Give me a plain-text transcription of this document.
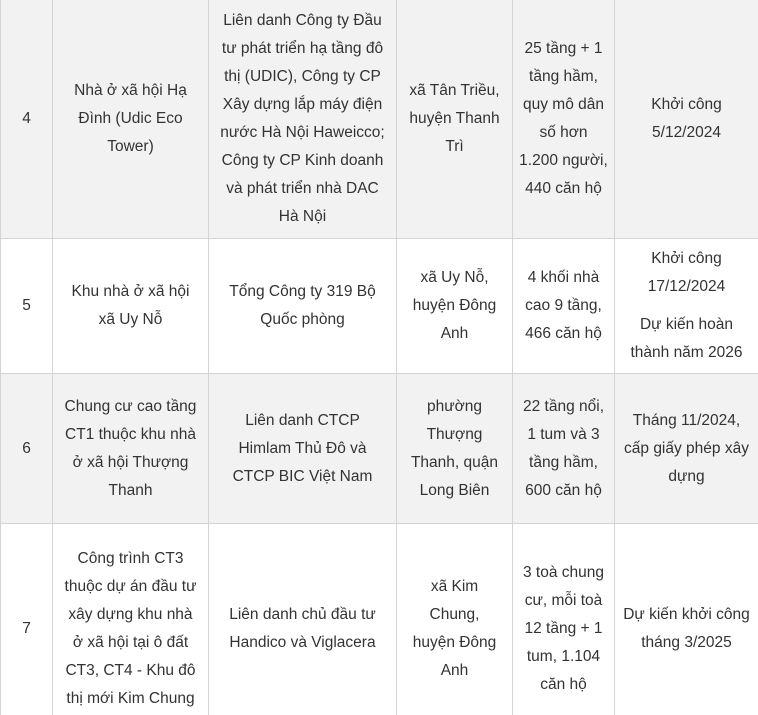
4	Nhà ở xã hội Hạ Đình (Udic Eco Tower)	Liên danh Công ty Đầu tư phát triển hạ tầng đô thị (UDIC), Công ty CP Xây dựng lắp máy điện nước Hà Nội Haweicco; Công ty CP Kinh doanh và phát triển nhà DAC Hà Nội	xã Tân Triều, huyện Thanh Trì	25 tầng + 1 tầng hầm, quy mô dân số hơn 1.200 người, 440 căn hộ	Khởi công 5/12/2024

5	Khu nhà ở xã hội xã Uy Nỗ	Tổng Công ty 319 Bộ Quốc phòng	xã Uy Nỗ, huyện Đông Anh	4 khối nhà cao 9 tầng, 466 căn hộ	Khởi công 17/12/2024
Dự kiến hoàn thành năm 2026

6	Chung cư cao tầng CT1 thuộc khu nhà ở xã hội Thượng Thanh	Liên danh CTCP Himlam Thủ Đô và CTCP BIC Việt Nam	phường Thượng Thanh, quận Long Biên	22 tầng nổi, 1 tum và 3 tầng hầm, 600 căn hộ	Tháng 11/2024, cấp giấy phép xây dựng

7	Công trình CT3 thuộc dự án đầu tư xây dựng khu nhà ở xã hội tại ô đất CT3, CT4 - Khu đô thị mới Kim Chung	Liên danh chủ đầu tư Handico và Viglacera	xã Kim Chung, huyện Đông Anh	3 toà chung cư, mỗi toà 12 tầng + 1 tum, 1.104 căn hộ	Dự kiến khởi công tháng 3/2025
